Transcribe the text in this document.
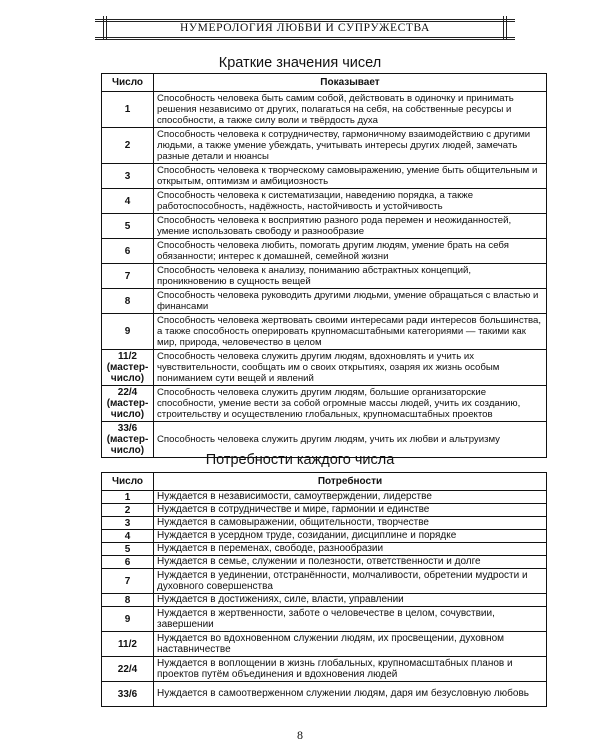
НУМЕРОЛОГИЯ ЛЮБВИ И СУПРУЖЕСТВА
Краткие значения чисел
Число	Показывает
1	Способность человека быть самим собой, действовать в одиночку и принимать решения независимо от других, полагаться на себя, на собственные ресурсы и способности, а также силу воли и твёрдость духа
2	Способность человека к сотрудничеству, гармоничному взаимодействию с другими людьми, а также умение убеждать, учитывать интересы других людей, замечать разные детали и нюансы
3	Способность человека к творческому самовыражению, умение быть общительным и открытым, оптимизм и амбициозность
4	Способность человека к систематизации, наведению порядка, а также работоспособность, надёжность, настойчивость и устойчивость
5	Способность человека к восприятию разного рода перемен и неожиданностей, умение использовать свободу и разнообразие
6	Способность человека любить, помогать другим людям, умение брать на себя обязанности; интерес к домашней, семейной жизни
7	Способность человека к анализу, пониманию абстрактных концепций, проникновению в сущность вещей
8	Способность человека руководить другими людьми, умение обращаться с властью и финансами
9	Способность человека жертвовать своими интересами ради интересов большинства, а также способность оперировать крупномасштабными категориями — такими как мир, природа, человечество в целом
11/2 (мастер-число)	Способность человека служить другим людям, вдохновлять и учить их чувствительности, сообщать им о своих открытиях, озаряя их жизнь особым пониманием сути вещей и явлений
22/4 (мастер-число)	Способность человека служить другим людям, большие организаторские способности, умение вести за собой огромные массы людей, учить их созданию, строительству и осуществлению глобальных, крупномасштабных проектов
33/6 (мастер-число)	Способность человека служить другим людям, учить их любви и альтруизму
Потребности каждого числа
Число	Потребности
1	Нуждается в независимости, самоутверждении, лидерстве
2	Нуждается в сотрудничестве и мире, гармонии и единстве
3	Нуждается в самовыражении, общительности, творчестве
4	Нуждается в усердном труде, созидании, дисциплине и порядке
5	Нуждается в переменах, свободе, разнообразии
6	Нуждается в семье, служении и полезности, ответственности и долге
7	Нуждается в уединении, отстранённости, молчаливости, обретении мудрости и духовного совершенства
8	Нуждается в достижениях, силе, власти, управлении
9	Нуждается в жертвенности, заботе о человечестве в целом, сочувствии, завершении
11/2	Нуждается во вдохновенном служении людям, их просвещении, духовном наставничестве
22/4	Нуждается в воплощении в жизнь глобальных, крупномасштабных планов и проектов путём объединения и вдохновения людей
33/6	Нуждается в самоотверженном служении людям, даря им безусловную любовь
8
